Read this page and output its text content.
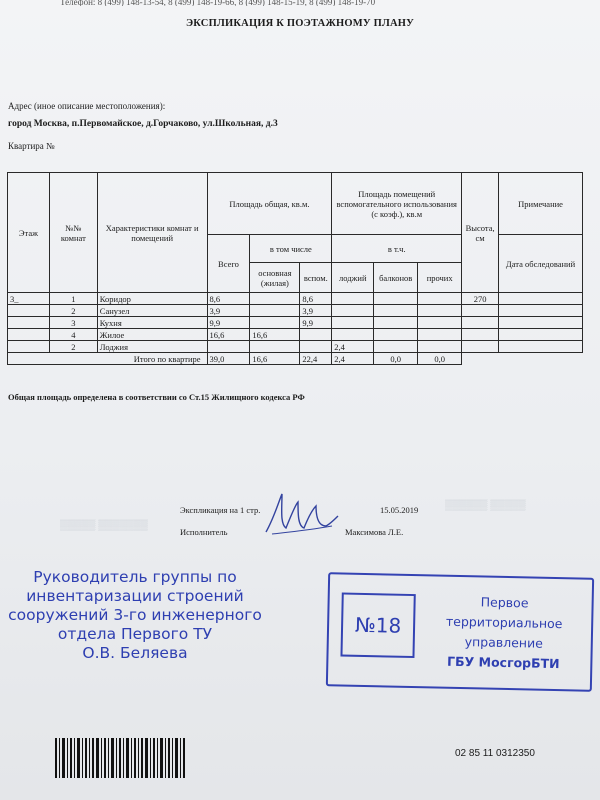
Телефон: 8 (499) 148-13-54, 8 (499) 148-19-66, 8 (499) 148-15-19, 8 (499) 148-19-70
ЭКСПЛИКАЦИЯ К ПОЭТАЖНОМУ ПЛАНУ
Адрес (иное описание местоположения):
город Москва, п.Первомайское, д.Горчаково, ул.Школьная, д.3
Квартира №
Этаж	№№ комнат	Характеристики комнат и помещений	Площадь общая, кв.м.			Площадь помещений вспомогательного использования (с коэф.), кв.м			Высота, см	Примечание
			Всего	в том числе		в т.ч.				Дата обследований
				основная (жилая)	вспом.	лоджий	балконов	прочих		
3_	1	Коридор	8,6		8,6				270	
	2	Санузел	3,9		3,9					
	3	Кухня	9,9		9,9					
	4	Жилое	16,6	16,6						
	2	Лоджия				2,4				
Итого по квартире			39,0	16,6	22,4	2,4	0,0	0,0		
Общая площадь определена в соответствии со Ст.15 Жилищного кодекса РФ
▒▒▒▒▒ ▒▒▒▒▒▒▒
▒▒▒▒▒▒ ▒▒▒▒▒
Экспликация на 1 стр.	15.05.2019
Исполнитель	Максимова Л.Е.
Руководитель группы по
инвентаризации строений
сооружений 3-го инженерного
отдела Первого ТУ
О.В. Беляева
№18
Первое территориальное
управление
ГБУ МосгорБТИ
02 85 11 0312350
